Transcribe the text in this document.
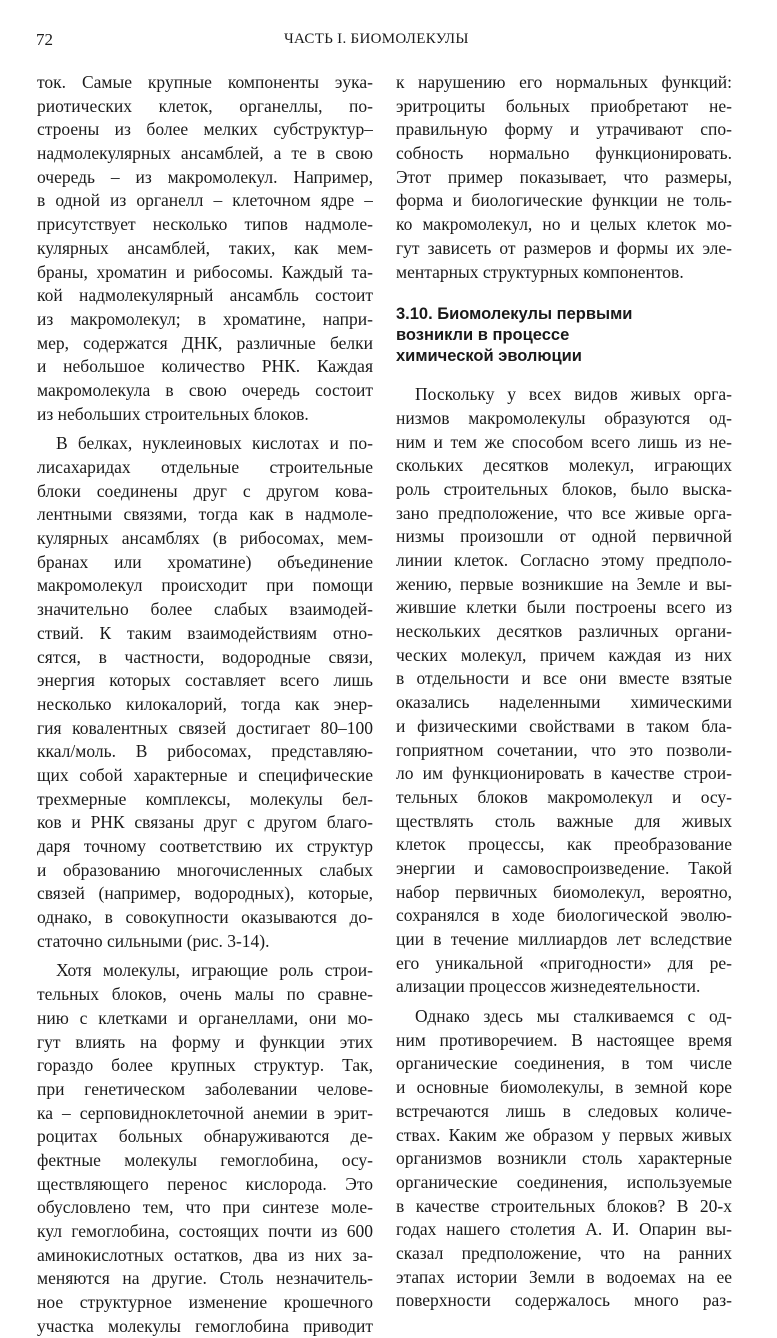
72	ЧАСТЬ I. БИОМОЛЕКУЛЫ
ток. Самые крупные компоненты эука-
риотических клеток, органеллы, по-
строены из более мелких субструктур–
надмолекулярных ансамблей, а те в свою
очередь – из макромолекул. Например,
в одной из органелл – клеточном ядре –
присутствует несколько типов надмоле-
кулярных ансамблей, таких, как мем-
браны, хроматин и рибосомы. Каждый та-
кой надмолекулярный ансамбль состоит
из макромолекул; в хроматине, напри-
мер, содержатся ДНК, различные белки
и небольшое количество РНК. Каждая
макромолекула в свою очередь состоит
из небольших строительных блоков.
В белках, нуклеиновых кислотах и по-
лисахаридах отдельные строительные
блоки соединены друг с другом кова-
лентными связями, тогда как в надмоле-
кулярных ансамблях (в рибосомах, мем-
бранах или хроматине) объединение
макромолекул происходит при помощи
значительно более слабых взаимодей-
ствий. К таким взаимодействиям отно-
сятся, в частности, водородные связи,
энергия которых составляет всего лишь
несколько килокалорий, тогда как энер-
гия ковалентных связей достигает 80–100
ккал/моль. В рибосомах, представляю-
щих собой характерные и специфические
трехмерные комплексы, молекулы бел-
ков и РНК связаны друг с другом благо-
даря точному соответствию их структур
и образованию многочисленных слабых
связей (например, водородных), которые,
однако, в совокупности оказываются до-
статочно сильными (рис. 3-14).
Хотя молекулы, играющие роль строи-
тельных блоков, очень малы по сравне-
нию с клетками и органеллами, они мо-
гут влиять на форму и функции этих
гораздо более крупных структур. Так,
при генетическом заболевании челове-
ка – серповидноклеточной анемии в эрит-
роцитах больных обнаруживаются де-
фектные молекулы гемоглобина, осу-
ществляющего перенос кислорода. Это
обусловлено тем, что при синтезе моле-
кул гемоглобина, состоящих почти из 600
аминокислотных остатков, два из них за-
меняются на другие. Столь незначитель-
ное структурное изменение крошечного
участка молекулы гемоглобина приводит
к нарушению его нормальных функций:
эритроциты больных приобретают не-
правильную форму и утрачивают спо-
собность нормально функционировать.
Этот пример показывает, что размеры,
форма и биологические функции не толь-
ко макромолекул, но и целых клеток мо-
гут зависеть от размеров и формы их эле-
ментарных структурных компонентов.
3.10. Биомолекулы первыми
возникли в процессе
химической эволюции
Поскольку у всех видов живых орга-
низмов макромолекулы образуются од-
ним и тем же способом всего лишь из не-
скольких десятков молекул, играющих
роль строительных блоков, было выска-
зано предположение, что все живые орга-
низмы произошли от одной первичной
линии клеток. Согласно этому предполо-
жению, первые возникшие на Земле и вы-
жившие клетки были построены всего из
нескольких десятков различных органи-
ческих молекул, причем каждая из них
в отдельности и все они вместе взятые
оказались наделенными химическими
и физическими свойствами в таком бла-
гоприятном сочетании, что это позволи-
ло им функционировать в качестве строи-
тельных блоков макромолекул и осу-
ществлять столь важные для живых
клеток процессы, как преобразование
энергии и самовоспроизведение. Такой
набор первичных биомолекул, вероятно,
сохранялся в ходе биологической эволю-
ции в течение миллиардов лет вследствие
его уникальной «пригодности» для ре-
ализации процессов жизнедеятельности.
Однако здесь мы сталкиваемся с од-
ним противоречием. В настоящее время
органические соединения, в том числе
и основные биомолекулы, в земной коре
встречаются лишь в следовых количе-
ствах. Каким же образом у первых живых
организмов возникли столь характерные
органические соединения, используемые
в качестве строительных блоков? В 20-х
годах нашего столетия А. И. Опарин вы-
сказал предположение, что на ранних
этапах истории Земли в водоемах на ее
поверхности содержалось много раз-
